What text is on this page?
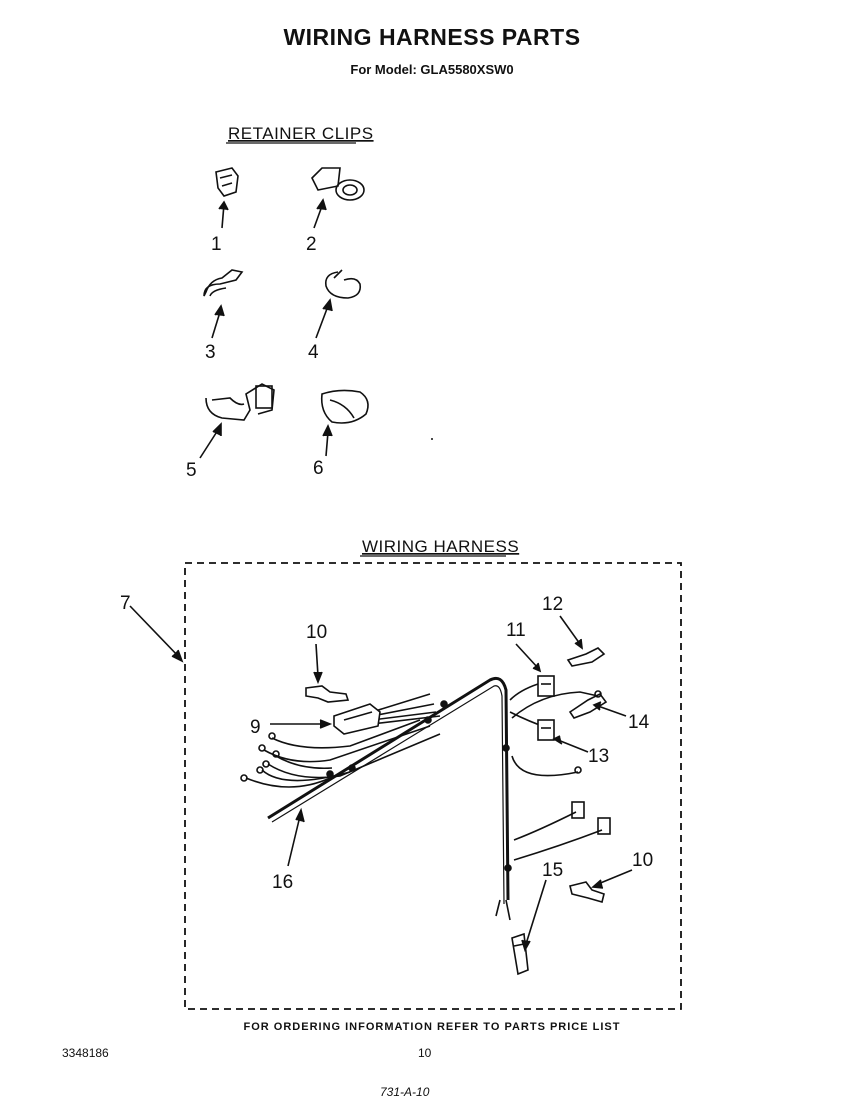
WIRING HARNESS PARTS
For Model: GLA5580XSW0
RETAINER CLIPS
WIRING HARNESS
1	2
3	4
5	6
7
9
10	11
12
13
14
15
16
10
FOR ORDERING INFORMATION REFER TO PARTS PRICE LIST
3348186	10
731-A-10
